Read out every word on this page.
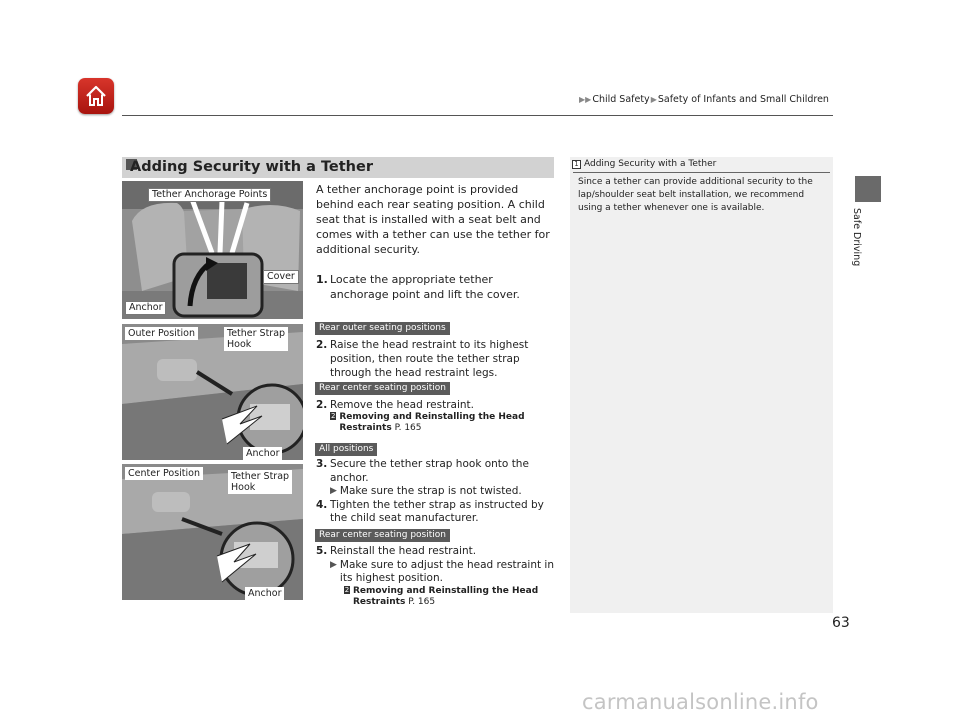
▶▶Child Safety▶Safety of Infants and Small Children
Safe Driving
Adding Security with a Tether
Tether Anchorage Points
Cover
Anchor
Outer Position	Tether Strap
Hook
Anchor
Center Position	Tether Strap
Hook
Anchor
A tether anchorage point is provided behind each rear seating position. A child seat that is installed with a seat belt and comes with a tether can use the tether for additional security.
1. Locate the appropriate tether anchorage point and lift the cover.
Rear outer seating positions
2. Raise the head restraint to its highest position, then route the tether strap through the head restraint legs.
Rear center seating position
2. Remove the head restraint.
2 Removing and Reinstalling the Head Restraints P. 165
All positions
3. Secure the tether strap hook onto the anchor.
▶ Make sure the strap is not twisted.
4. Tighten the tether strap as instructed by the child seat manufacturer.
Rear center seating position
5. Reinstall the head restraint.
▶ Make sure to adjust the head restraint in its highest position.
2 Removing and Reinstalling the Head Restraints P. 165
1 Adding Security with a Tether
Since a tether can provide additional security to the lap/shoulder seat belt installation, we recommend using a tether whenever one is available.
63
carmanualsonline.info
